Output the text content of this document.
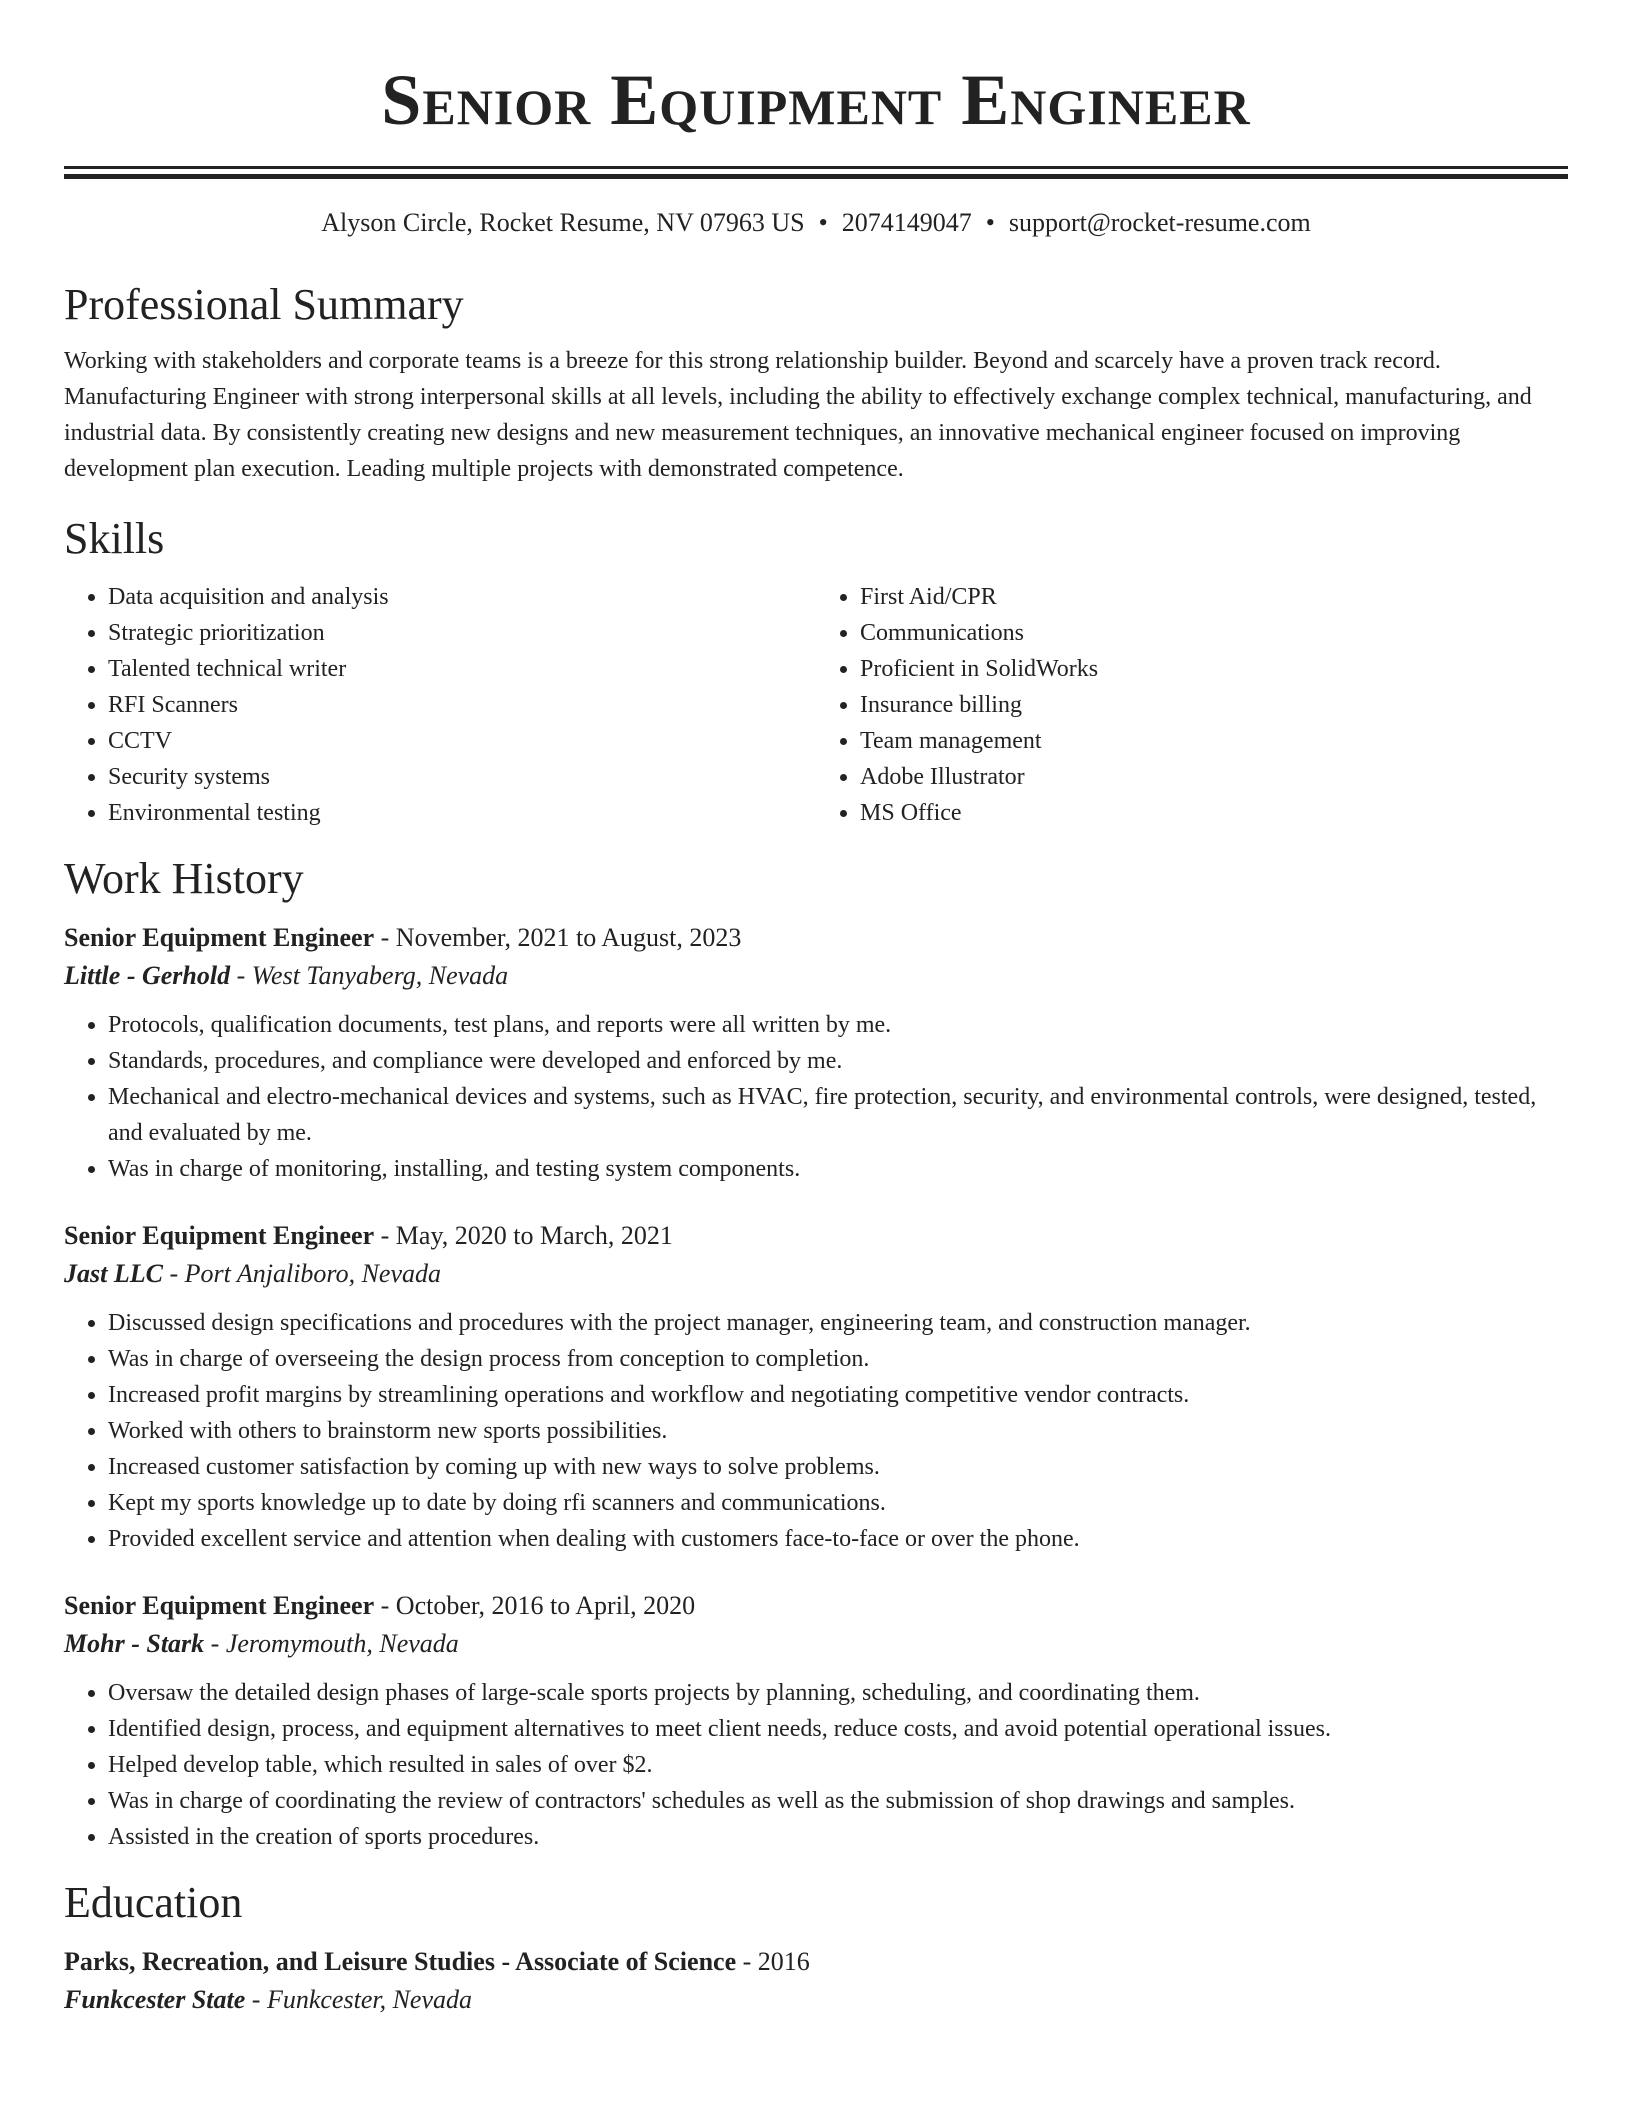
Senior Equipment Engineer
Alyson Circle, Rocket Resume, NV 07963 US • 2074149047 • support@rocket-resume.com
Professional Summary

Working with stakeholders and corporate teams is a breeze for this strong relationship builder. Beyond and scarcely have a proven track record. Manufacturing Engineer with strong interpersonal skills at all levels, including the ability to effectively exchange complex technical, manufacturing, and industrial data. By consistently creating new designs and new measurement techniques, an innovative mechanical engineer focused on improving development plan execution. Leading multiple projects with demonstrated competence.

Skills
• Data acquisition and analysis
• Strategic prioritization
• Talented technical writer
• RFI Scanners
• CCTV
• Security systems
• Environmental testing
• First Aid/CPR
• Communications
• Proficient in SolidWorks
• Insurance billing
• Team management
• Adobe Illustrator
• MS Office
Work History
Senior Equipment Engineer - November, 2021 to August, 2023
Little - Gerhold - West Tanyaberg, Nevada
• Protocols, qualification documents, test plans, and reports were all written by me.
• Standards, procedures, and compliance were developed and enforced by me.
• Mechanical and electro-mechanical devices and systems, such as HVAC, fire protection, security, and environmental controls, were designed, tested, and evaluated by me.
• Was in charge of monitoring, installing, and testing system components.
Senior Equipment Engineer - May, 2020 to March, 2021
Jast LLC - Port Anjaliboro, Nevada
• Discussed design specifications and procedures with the project manager, engineering team, and construction manager.
• Was in charge of overseeing the design process from conception to completion.
• Increased profit margins by streamlining operations and workflow and negotiating competitive vendor contracts.
• Worked with others to brainstorm new sports possibilities.
• Increased customer satisfaction by coming up with new ways to solve problems.
• Kept my sports knowledge up to date by doing rfi scanners and communications.
• Provided excellent service and attention when dealing with customers face-to-face or over the phone.
Senior Equipment Engineer - October, 2016 to April, 2020
Mohr - Stark - Jeromymouth, Nevada
• Oversaw the detailed design phases of large-scale sports projects by planning, scheduling, and coordinating them.
• Identified design, process, and equipment alternatives to meet client needs, reduce costs, and avoid potential operational issues.
• Helped develop table, which resulted in sales of over $2.
• Was in charge of coordinating the review of contractors' schedules as well as the submission of shop drawings and samples.
• Assisted in the creation of sports procedures.
Education
Parks, Recreation, and Leisure Studies - Associate of Science - 2016
Funkcester State - Funkcester, Nevada
